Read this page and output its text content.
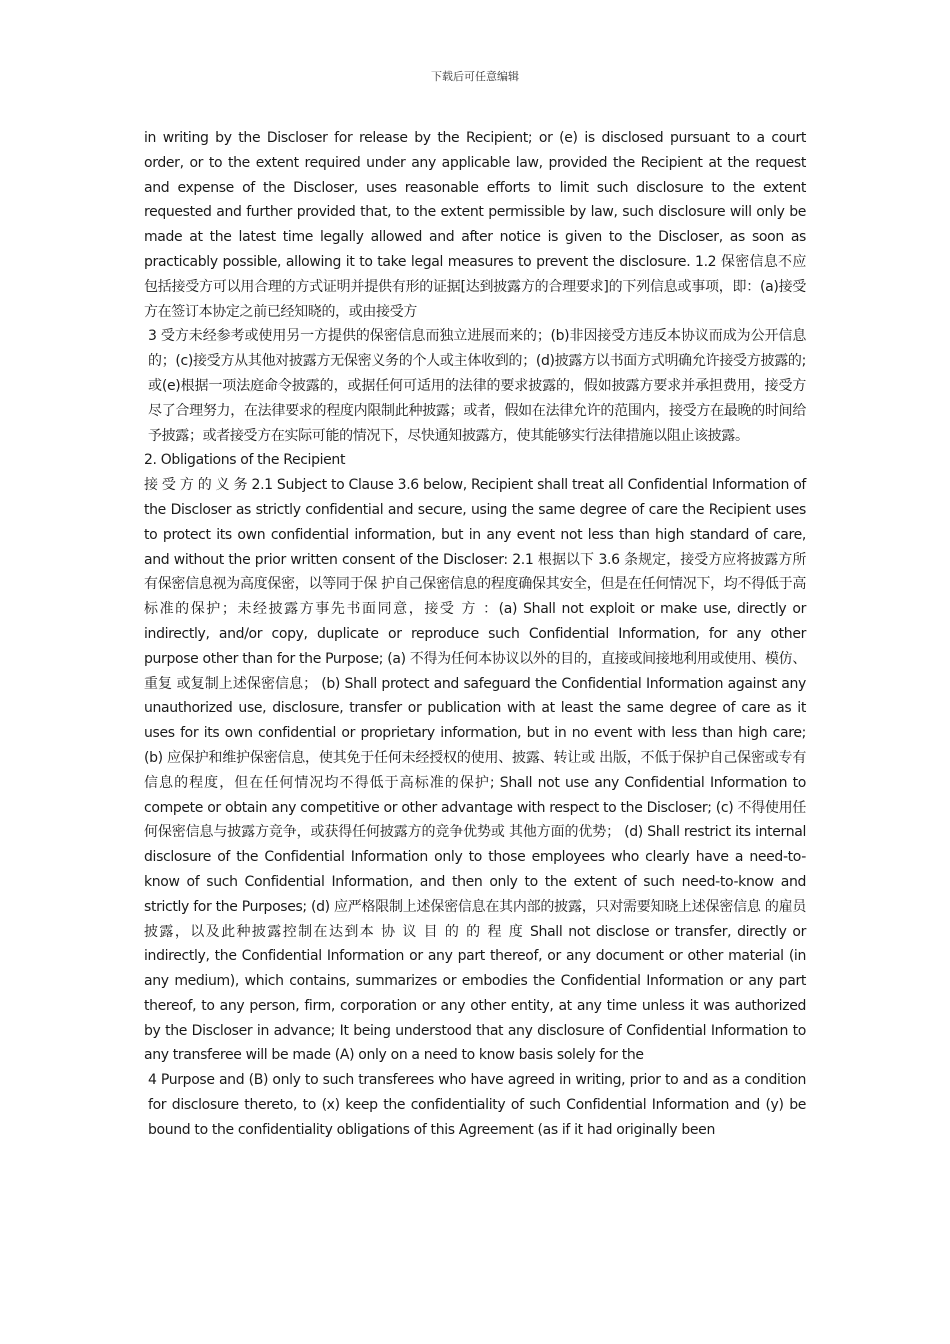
下载后可任意编辑

in writing by the Discloser for release by the Recipient; or (e) is disclosed pursuant to a court order, or to the extent required under any applicable law, provided the Recipient at the request and expense of the Discloser, uses reasonable efforts to limit such disclosure to the extent requested and further provided that, to the extent permissible by law, such disclosure will only be made at the latest time legally allowed and after notice is given to the Discloser, as soon as practicably possible, allowing it to take legal measures to prevent the disclosure. 1.2 保密信息不应包括接受方可以用合理的方式证明并提供有形的证据[达到披露方的合理要求]的下列信息或事项，即：(a)接受方在签订本协定之前已经知晓的，或由接受方

3 受方未经参考或使用另一方提供的保密信息而独立进展而来的；(b)非因接受方违反本协议而成为公开信息的；(c)接受方从其他对披露方无保密义务的个人或主体收到的；(d)披露方以书面方式明确允许接受方披露的;或(e)根据一项法庭命令披露的，或据任何可适用的法律的要求披露的，假如披露方要求并承担费用，接受方尽了合理努力，在法律要求的程度内限制此种披露；或者，假如在法律允许的范围内，接受方在最晚的时间给予披露；或者接受方在实际可能的情况下，尽快通知披露方，使其能够实行法律措施以阻止该披露。

2. Obligations of the Recipient

接 受 方 的 义 务 2.1 Subject to Clause 3.6 below, Recipient shall treat all Confidential Information of the Discloser as strictly confidential and secure, using the same degree of care the Recipient uses to protect its own confidential information, but in any event not less than high standard of care, and without the prior written consent of the Discloser: 2.1 根据以下 3.6 条规定，接受方应将披露方所有保密信息视为高度保密，以等同于保 护自己保密信息的程度确保其安全，但是在任何情况下，均不得低于高标准的保护；未经披露方事先书面同意，接受 方 ：(a) Shall not exploit or make use, directly or indirectly, and/or copy, duplicate or reproduce such Confidential Information, for any other purpose other than for the Purpose; (a) 不得为任何本协议以外的目的，直接或间接地利用或使用、模仿、重复 或复制上述保密信息； (b) Shall protect and safeguard the Confidential Information against any unauthorized use, disclosure, transfer or publication with at least the same degree of care as it uses for its own confidential or proprietary information, but in no event with less than high care; (b) 应保护和维护保密信息，使其免于任何未经授权的使用、披露、转让或 出版，不低于保护自己保密或专有信息的程度，但在任何情况均不得低于高标准的保护; Shall not use any Confidential Information to compete or obtain any competitive or other advantage with respect to the Discloser; (c) 不得使用任何保密信息与披露方竞争，或获得任何披露方的竞争优势或 其他方面的优势； (d) Shall restrict its internal disclosure of the Confidential Information only to those employees who clearly have a need-to-know of such Confidential Information, and then only to the extent of such need-to-know and strictly for the Purposes; (d) 应严格限制上述保密信息在其内部的披露，只对需要知晓上述保密信息 的雇员披露，以及此种披露控制在达到本 协 议 目 的 的 程 度 Shall not disclose or transfer, directly or indirectly, the Confidential Information or any part thereof, or any document or other material (in any medium), which contains, summarizes or embodies the Confidential Information or any part thereof, to any person, firm, corporation or any other entity, at any time unless it was authorized by the Discloser in advance; It being understood that any disclosure of Confidential Information to any transferee will be made (A) only on a need to know basis solely for the

4 Purpose and (B) only to such transferees who have agreed in writing, prior to and as a condition for disclosure thereto, to (x) keep the confidentiality of such Confidential Information and (y) be bound to the confidentiality obligations of this Agreement (as if it had originally been
